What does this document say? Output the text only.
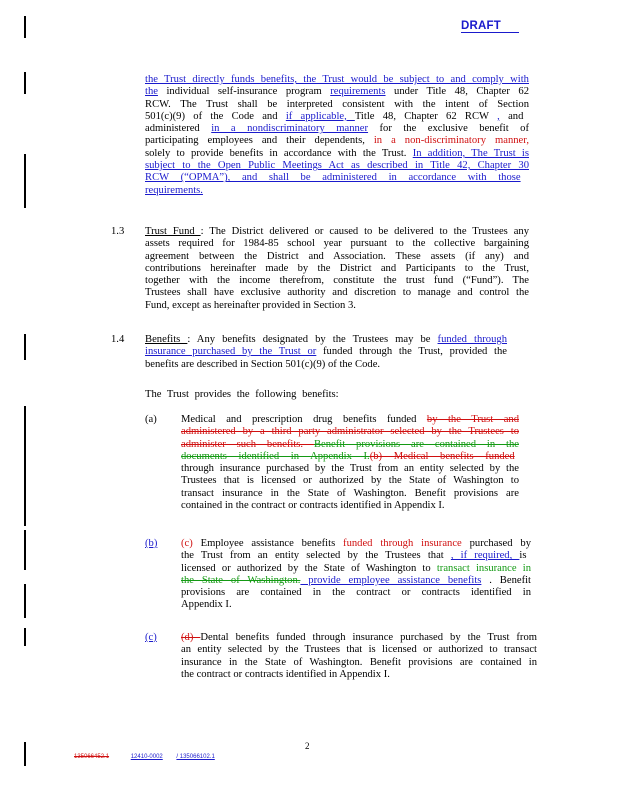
DRAFT
the Trust directly funds benefits, the Trust would be subject to and comply with
the individual self-insurance program requirements under Title 48, Chapter 62
RCW. The Trust shall be interpreted consistent with the intent of Section
501(c)(9) of the Code and if applicable, Title 48, Chapter 62 RCW , and
administered in a nondiscriminatory manner for the exclusive benefit of
participating employees and their dependents, in a non-discriminatory manner,
solely to provide benefits in accordance with the Trust. In addition, The Trust is
subject to the Open Public Meetings Act as described in Title 42, Chapter 30
RCW (“OPMA”), and shall be administered in accordance with those
requirements.
1.3 Trust Fund : The District delivered or caused to be delivered to the Trustees any
assets required for 1984-85 school year pursuant to the collective bargaining
agreement between the District and Association. These assets (if any) and
contributions hereinafter made by the District and Participants to the Trust,
together with the income therefrom, constitute the trust fund (“Fund”). The
Trustees shall have exclusive authority and discretion to manage and control the
Fund, except as hereinafter provided in Section 3.
1.4 Benefits : Any benefits designated by the Trustees may be funded through
insurance purchased by the Trust or funded through the Trust, provided the
benefits are described in Section 501(c)(9) of the Code.
The Trust provides the following benefits:
(a) Medical and prescription drug benefits funded by the Trust and
administered by a third party administrator selected by the Trustees to
administer such benefits. Benefit provisions are contained in the
documents identified in Appendix I.(b) Medical benefits funded
through insurance purchased by the Trust from an entity selected by the
Trustees that is licensed or authorized by the State of Washington to
transact insurance in the State of Washington. Benefit provisions are
contained in the contract or contracts identified in Appendix I.
(b) (c) Employee assistance benefits funded through insurance purchased by
the Trust from an entity selected by the Trustees that , if required, is
licensed or authorized by the State of Washington to transact insurance in
the State of Washington. provide employee assistance benefits . Benefit
provisions are contained in the contract or contracts identified in
Appendix I.
(c) (d) Dental benefits funded through insurance purchased by the Trust from
an entity selected by the Trustees that is licensed or authorized to transact
insurance in the State of Washington. Benefit provisions are contained in
the contract or contracts identified in Appendix I.
2
135066452.1	12410-0002 / 135066102.1
